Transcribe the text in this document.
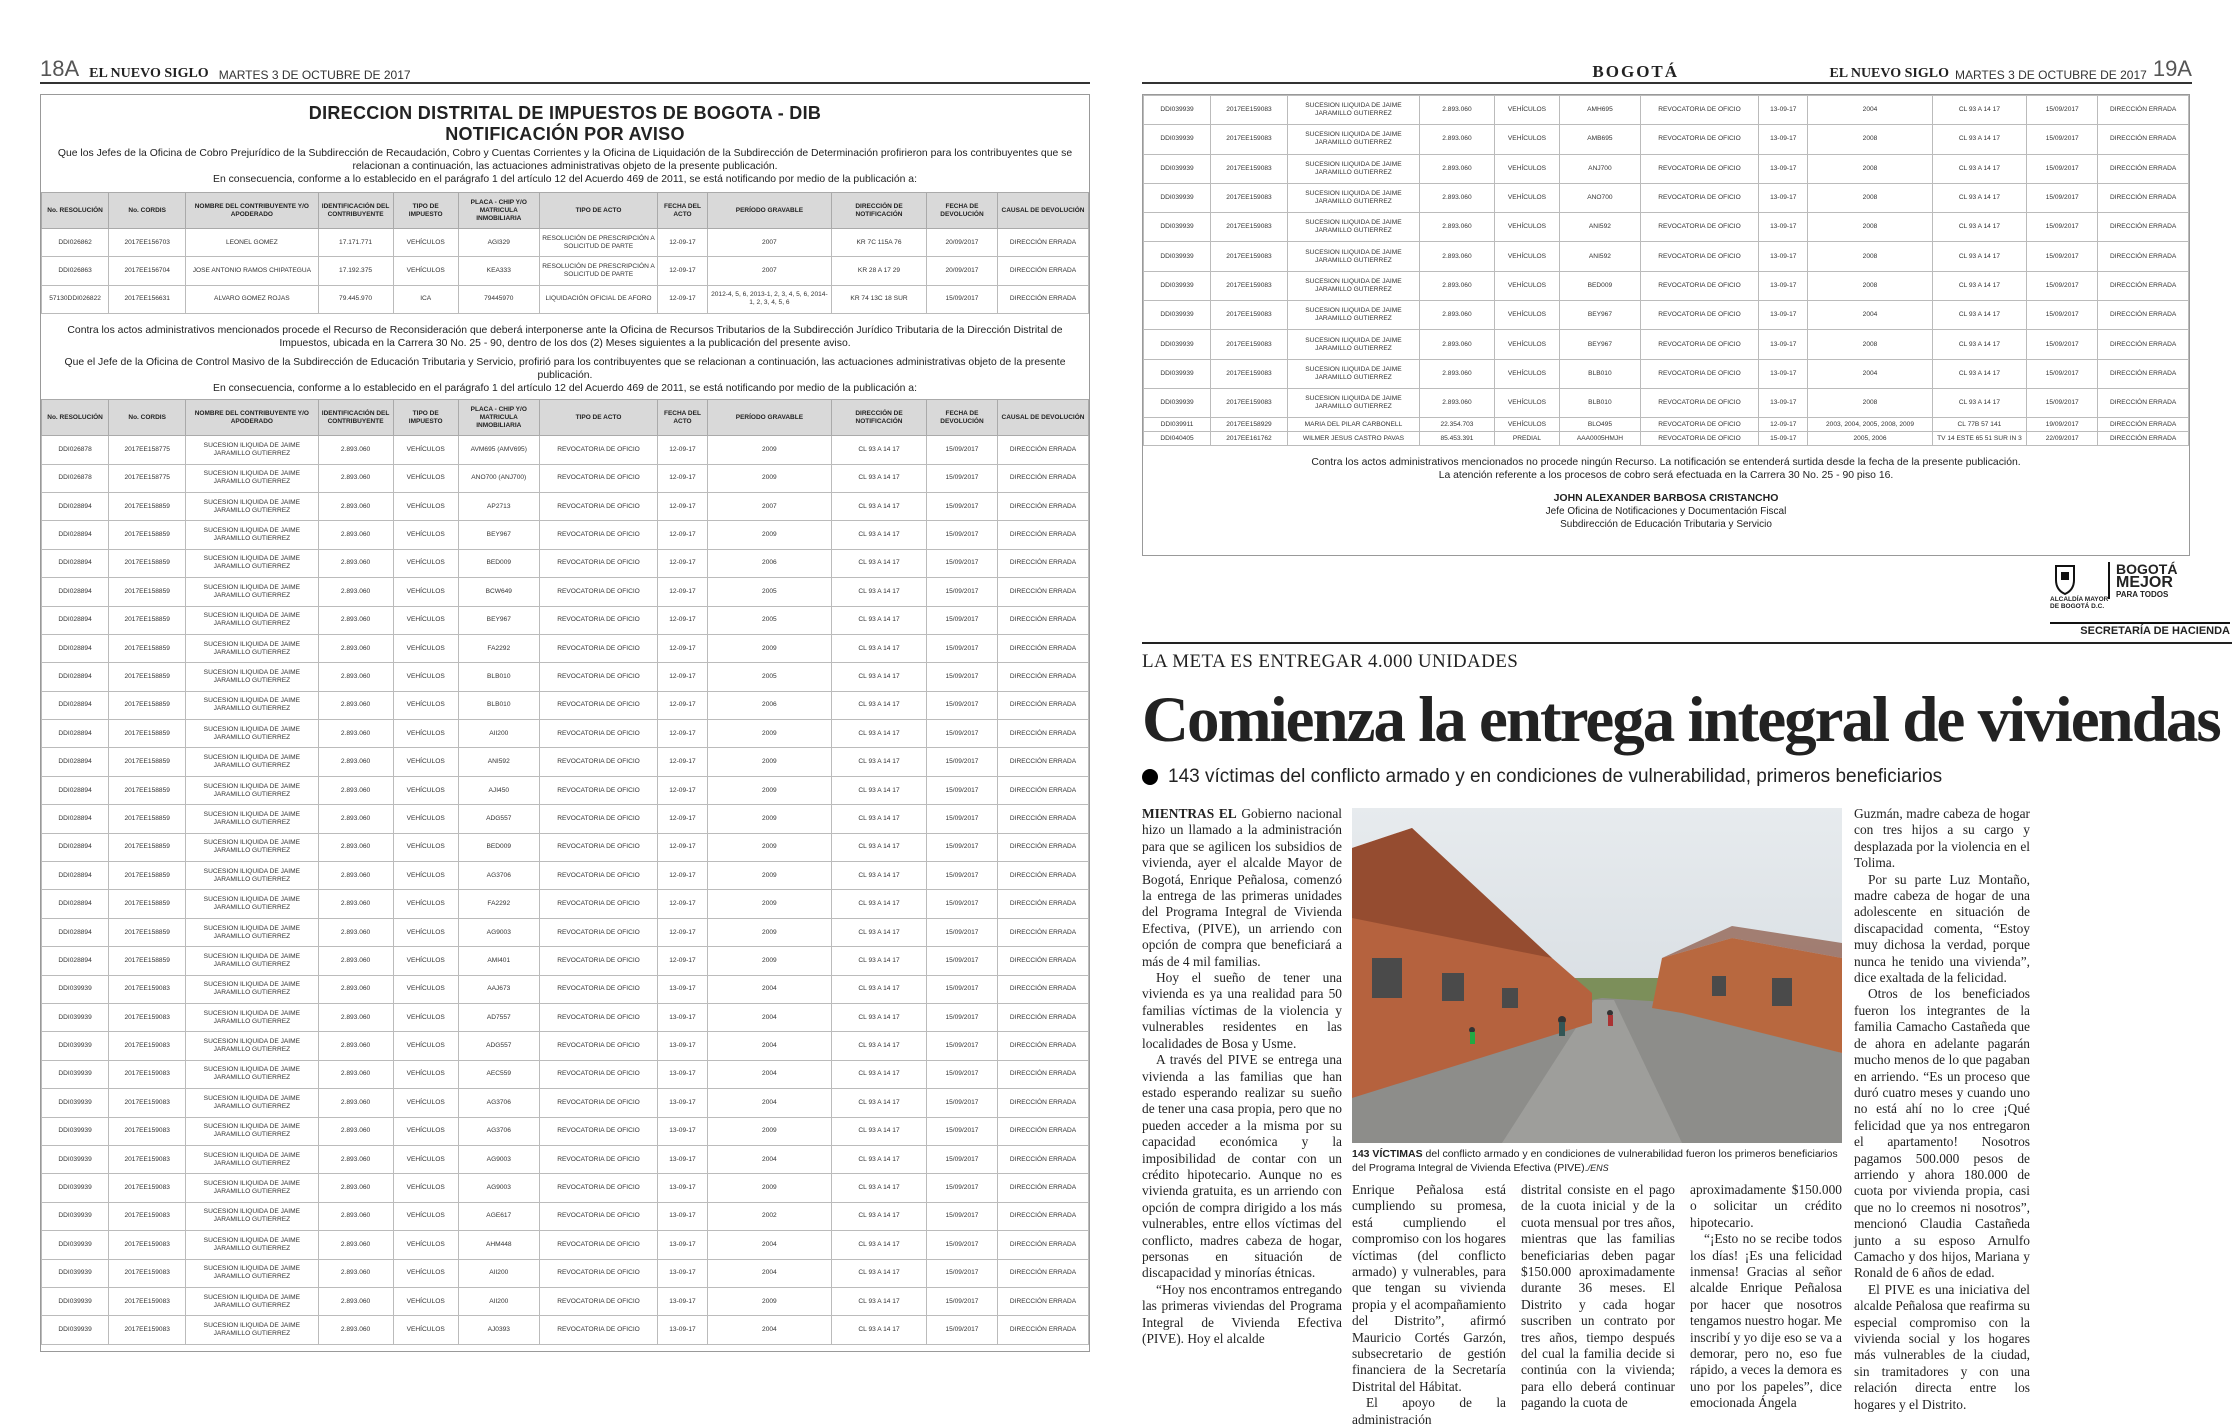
18A EL NUEVO SIGLO MARTES 3 DE OCTUBRE DE 2017	BOGOTÁ	EL NUEVO SIGLO MARTES 3 DE OCTUBRE DE 2017 19A
DIRECCION DISTRITAL DE IMPUESTOS DE BOGOTA - DIB
NOTIFICACIÓN POR AVISO
Que los Jefes de la Oficina de Cobro Prejurídico de la Subdirección de Recaudación, Cobro y Cuentas Corrientes y la Oficina de Liquidación de la Subdirección de Determinación profirieron para los contribuyentes que se relacionan a continuación, las actuaciones administrativas objeto de la presente publicación.
En consecuencia, conforme a lo establecido en el parágrafo 1 del artículo 12 del Acuerdo 469 de 2011, se está notificando por medio de la publicación a:
No. RESOLUCIÓN	No. CORDIS	NOMBRE DEL CONTRIBUYENTE Y/O APODERADO	IDENTIFICACIÓN DEL CONTRIBUYENTE	TIPO DE IMPUESTO	PLACA - CHIP Y/O MATRICULA INMOBILIARIA	TIPO DE ACTO	FECHA DEL ACTO	PERÍODO GRAVABLE	DIRECCIÓN DE NOTIFICACIÓN	FECHA DE DEVOLUCIÓN	CAUSAL DE DEVOLUCIÓN
DDI026862	2017EE156703	LEONEL GOMEZ	17.171.771	VEHÍCULOS	AGI329	RESOLUCIÓN DE PRESCRIPCIÓN A SOLICITUD DE PARTE	12-09-17	2007	KR 7C 115A 76	20/09/2017	DIRECCIÓN ERRADA
DDI026863	2017EE156704	JOSE ANTONIO RAMOS CHIPATEGUA	17.192.375	VEHÍCULOS	KEA333	RESOLUCIÓN DE PRESCRIPCIÓN A SOLICITUD DE PARTE	12-09-17	2007	KR 28 A 17 29	20/09/2017	DIRECCIÓN ERRADA
57130DDI026822	2017EE156631	ALVARO GOMEZ ROJAS	79.445.970	ICA	79445970	LIQUIDACIÓN OFICIAL DE AFORO	12-09-17	2012-4, 5, 6, 2013-1, 2, 3, 4, 5, 6, 2014-1, 2, 3, 4, 5, 6	KR 74 13C 18 SUR	15/09/2017	DIRECCIÓN ERRADA
Contra los actos administrativos mencionados procede el Recurso de Reconsideración que deberá interponerse ante la Oficina de Recursos Tributarios de la Subdirección Jurídico Tributaria de la Dirección Distrital de Impuestos, ubicada en la Carrera 30 No. 25 - 90, dentro de los dos (2) Meses siguientes a la publicación del presente aviso.
Que el Jefe de la Oficina de Control Masivo de la Subdirección de Educación Tributaria y Servicio, profirió para los contribuyentes que se relacionan a continuación, las actuaciones administrativas objeto de la presente publicación.
En consecuencia, conforme a lo establecido en el parágrafo 1 del artículo 12 del Acuerdo 469 de 2011, se está notificando por medio de la publicación a:
No. RESOLUCIÓN	No. CORDIS	NOMBRE DEL CONTRIBUYENTE Y/O APODERADO	IDENTIFICACIÓN DEL CONTRIBUYENTE	TIPO DE IMPUESTO	PLACA - CHIP Y/O MATRICULA INMOBILIARIA	TIPO DE ACTO	FECHA DEL ACTO	PERÍODO GRAVABLE	DIRECCIÓN DE NOTIFICACIÓN	FECHA DE DEVOLUCIÓN	CAUSAL DE DEVOLUCIÓN
DDI026878	2017EE158775	SUCESION ILIQUIDA DE JAIME JARAMILLO GUTIERREZ	2.893.060	VEHÍCULOS	AVM695 (AMV695)	REVOCATORIA DE OFICIO	12-09-17	2009	CL 93 A 14 17	15/09/2017	DIRECCIÓN ERRADA
DDI026878	2017EE158775	SUCESION ILIQUIDA DE JAIME JARAMILLO GUTIERREZ	2.893.060	VEHÍCULOS	ANO700 (ANJ700)	REVOCATORIA DE OFICIO	12-09-17	2009	CL 93 A 14 17	15/09/2017	DIRECCIÓN ERRADA
DDI028894	2017EE158859	SUCESION ILIQUIDA DE JAIME JARAMILLO GUTIERREZ	2.893.060	VEHÍCULOS	AP2713	REVOCATORIA DE OFICIO	12-09-17	2007	CL 93 A 14 17	15/09/2017	DIRECCIÓN ERRADA
DDI028894	2017EE158859	SUCESION ILIQUIDA DE JAIME JARAMILLO GUTIERREZ	2.893.060	VEHÍCULOS	BEY967	REVOCATORIA DE OFICIO	12-09-17	2009	CL 93 A 14 17	15/09/2017	DIRECCIÓN ERRADA
DDI028894	2017EE158859	SUCESION ILIQUIDA DE JAIME JARAMILLO GUTIERREZ	2.893.060	VEHÍCULOS	BED009	REVOCATORIA DE OFICIO	12-09-17	2006	CL 93 A 14 17	15/09/2017	DIRECCIÓN ERRADA
DDI028894	2017EE158859	SUCESION ILIQUIDA DE JAIME JARAMILLO GUTIERREZ	2.893.060	VEHÍCULOS	BCW649	REVOCATORIA DE OFICIO	12-09-17	2005	CL 93 A 14 17	15/09/2017	DIRECCIÓN ERRADA
DDI028894	2017EE158859	SUCESION ILIQUIDA DE JAIME JARAMILLO GUTIERREZ	2.893.060	VEHÍCULOS	BEY967	REVOCATORIA DE OFICIO	12-09-17	2005	CL 93 A 14 17	15/09/2017	DIRECCIÓN ERRADA
DDI028894	2017EE158859	SUCESION ILIQUIDA DE JAIME JARAMILLO GUTIERREZ	2.893.060	VEHÍCULOS	FA2292	REVOCATORIA DE OFICIO	12-09-17	2009	CL 93 A 14 17	15/09/2017	DIRECCIÓN ERRADA
DDI028894	2017EE158859	SUCESION ILIQUIDA DE JAIME JARAMILLO GUTIERREZ	2.893.060	VEHÍCULOS	BLB010	REVOCATORIA DE OFICIO	12-09-17	2005	CL 93 A 14 17	15/09/2017	DIRECCIÓN ERRADA
DDI028894	2017EE158859	SUCESION ILIQUIDA DE JAIME JARAMILLO GUTIERREZ	2.893.060	VEHÍCULOS	BLB010	REVOCATORIA DE OFICIO	12-09-17	2006	CL 93 A 14 17	15/09/2017	DIRECCIÓN ERRADA
DDI028894	2017EE158859	SUCESION ILIQUIDA DE JAIME JARAMILLO GUTIERREZ	2.893.060	VEHÍCULOS	AII200	REVOCATORIA DE OFICIO	12-09-17	2009	CL 93 A 14 17	15/09/2017	DIRECCIÓN ERRADA
DDI028894	2017EE158859	SUCESION ILIQUIDA DE JAIME JARAMILLO GUTIERREZ	2.893.060	VEHÍCULOS	ANI592	REVOCATORIA DE OFICIO	12-09-17	2009	CL 93 A 14 17	15/09/2017	DIRECCIÓN ERRADA
DDI028894	2017EE158859	SUCESION ILIQUIDA DE JAIME JARAMILLO GUTIERREZ	2.893.060	VEHÍCULOS	AJI450	REVOCATORIA DE OFICIO	12-09-17	2009	CL 93 A 14 17	15/09/2017	DIRECCIÓN ERRADA
DDI028894	2017EE158859	SUCESION ILIQUIDA DE JAIME JARAMILLO GUTIERREZ	2.893.060	VEHÍCULOS	ADG557	REVOCATORIA DE OFICIO	12-09-17	2009	CL 93 A 14 17	15/09/2017	DIRECCIÓN ERRADA
DDI028894	2017EE158859	SUCESION ILIQUIDA DE JAIME JARAMILLO GUTIERREZ	2.893.060	VEHÍCULOS	BED009	REVOCATORIA DE OFICIO	12-09-17	2009	CL 93 A 14 17	15/09/2017	DIRECCIÓN ERRADA
DDI028894	2017EE158859	SUCESION ILIQUIDA DE JAIME JARAMILLO GUTIERREZ	2.893.060	VEHÍCULOS	AG3706	REVOCATORIA DE OFICIO	12-09-17	2009	CL 93 A 14 17	15/09/2017	DIRECCIÓN ERRADA
DDI028894	2017EE158859	SUCESION ILIQUIDA DE JAIME JARAMILLO GUTIERREZ	2.893.060	VEHÍCULOS	FA2292	REVOCATORIA DE OFICIO	12-09-17	2009	CL 93 A 14 17	15/09/2017	DIRECCIÓN ERRADA
DDI028894	2017EE158859	SUCESION ILIQUIDA DE JAIME JARAMILLO GUTIERREZ	2.893.060	VEHÍCULOS	AG9003	REVOCATORIA DE OFICIO	12-09-17	2009	CL 93 A 14 17	15/09/2017	DIRECCIÓN ERRADA
DDI028894	2017EE158859	SUCESION ILIQUIDA DE JAIME JARAMILLO GUTIERREZ	2.893.060	VEHÍCULOS	AMI401	REVOCATORIA DE OFICIO	12-09-17	2009	CL 93 A 14 17	15/09/2017	DIRECCIÓN ERRADA
DDI039939	2017EE159083	SUCESION ILIQUIDA DE JAIME JARAMILLO GUTIERREZ	2.893.060	VEHÍCULOS	AAJ673	REVOCATORIA DE OFICIO	13-09-17	2004	CL 93 A 14 17	15/09/2017	DIRECCIÓN ERRADA
DDI039939	2017EE159083	SUCESION ILIQUIDA DE JAIME JARAMILLO GUTIERREZ	2.893.060	VEHÍCULOS	AD7557	REVOCATORIA DE OFICIO	13-09-17	2004	CL 93 A 14 17	15/09/2017	DIRECCIÓN ERRADA
DDI039939	2017EE159083	SUCESION ILIQUIDA DE JAIME JARAMILLO GUTIERREZ	2.893.060	VEHÍCULOS	ADG557	REVOCATORIA DE OFICIO	13-09-17	2004	CL 93 A 14 17	15/09/2017	DIRECCIÓN ERRADA
DDI039939	2017EE159083	SUCESION ILIQUIDA DE JAIME JARAMILLO GUTIERREZ	2.893.060	VEHÍCULOS	AEC559	REVOCATORIA DE OFICIO	13-09-17	2004	CL 93 A 14 17	15/09/2017	DIRECCIÓN ERRADA
DDI039939	2017EE159083	SUCESION ILIQUIDA DE JAIME JARAMILLO GUTIERREZ	2.893.060	VEHÍCULOS	AG3706	REVOCATORIA DE OFICIO	13-09-17	2004	CL 93 A 14 17	15/09/2017	DIRECCIÓN ERRADA
DDI039939	2017EE159083	SUCESION ILIQUIDA DE JAIME JARAMILLO GUTIERREZ	2.893.060	VEHÍCULOS	AG3706	REVOCATORIA DE OFICIO	13-09-17	2009	CL 93 A 14 17	15/09/2017	DIRECCIÓN ERRADA
DDI039939	2017EE159083	SUCESION ILIQUIDA DE JAIME JARAMILLO GUTIERREZ	2.893.060	VEHÍCULOS	AG9003	REVOCATORIA DE OFICIO	13-09-17	2004	CL 93 A 14 17	15/09/2017	DIRECCIÓN ERRADA
DDI039939	2017EE159083	SUCESION ILIQUIDA DE JAIME JARAMILLO GUTIERREZ	2.893.060	VEHÍCULOS	AG9003	REVOCATORIA DE OFICIO	13-09-17	2009	CL 93 A 14 17	15/09/2017	DIRECCIÓN ERRADA
DDI039939	2017EE159083	SUCESION ILIQUIDA DE JAIME JARAMILLO GUTIERREZ	2.893.060	VEHÍCULOS	AGE617	REVOCATORIA DE OFICIO	13-09-17	2002	CL 93 A 14 17	15/09/2017	DIRECCIÓN ERRADA
DDI039939	2017EE159083	SUCESION ILIQUIDA DE JAIME JARAMILLO GUTIERREZ	2.893.060	VEHÍCULOS	AHM448	REVOCATORIA DE OFICIO	13-09-17	2004	CL 93 A 14 17	15/09/2017	DIRECCIÓN ERRADA
DDI039939	2017EE159083	SUCESION ILIQUIDA DE JAIME JARAMILLO GUTIERREZ	2.893.060	VEHÍCULOS	AII200	REVOCATORIA DE OFICIO	13-09-17	2004	CL 93 A 14 17	15/09/2017	DIRECCIÓN ERRADA
DDI039939	2017EE159083	SUCESION ILIQUIDA DE JAIME JARAMILLO GUTIERREZ	2.893.060	VEHÍCULOS	AII200	REVOCATORIA DE OFICIO	13-09-17	2009	CL 93 A 14 17	15/09/2017	DIRECCIÓN ERRADA
DDI039939	2017EE159083	SUCESION ILIQUIDA DE JAIME JARAMILLO GUTIERREZ	2.893.060	VEHÍCULOS	AJ0393	REVOCATORIA DE OFICIO	13-09-17	2004	CL 93 A 14 17	15/09/2017	DIRECCIÓN ERRADA
DDI039939	2017EE159083	SUCESION ILIQUIDA DE JAIME JARAMILLO GUTIERREZ	2.893.060	VEHÍCULOS	AMH695	REVOCATORIA DE OFICIO	13-09-17	2004	CL 93 A 14 17	15/09/2017	DIRECCIÓN ERRADA
DDI039939	2017EE159083	SUCESION ILIQUIDA DE JAIME JARAMILLO GUTIERREZ	2.893.060	VEHÍCULOS	AMB695	REVOCATORIA DE OFICIO	13-09-17	2008	CL 93 A 14 17	15/09/2017	DIRECCIÓN ERRADA
DDI039939	2017EE159083	SUCESION ILIQUIDA DE JAIME JARAMILLO GUTIERREZ	2.893.060	VEHÍCULOS	ANJ700	REVOCATORIA DE OFICIO	13-09-17	2008	CL 93 A 14 17	15/09/2017	DIRECCIÓN ERRADA
DDI039939	2017EE159083	SUCESION ILIQUIDA DE JAIME JARAMILLO GUTIERREZ	2.893.060	VEHÍCULOS	ANO700	REVOCATORIA DE OFICIO	13-09-17	2008	CL 93 A 14 17	15/09/2017	DIRECCIÓN ERRADA
DDI039939	2017EE159083	SUCESION ILIQUIDA DE JAIME JARAMILLO GUTIERREZ	2.893.060	VEHÍCULOS	ANI592	REVOCATORIA DE OFICIO	13-09-17	2008	CL 93 A 14 17	15/09/2017	DIRECCIÓN ERRADA
DDI039939	2017EE159083	SUCESION ILIQUIDA DE JAIME JARAMILLO GUTIERREZ	2.893.060	VEHÍCULOS	ANI592	REVOCATORIA DE OFICIO	13-09-17	2008	CL 93 A 14 17	15/09/2017	DIRECCIÓN ERRADA
DDI039939	2017EE159083	SUCESION ILIQUIDA DE JAIME JARAMILLO GUTIERREZ	2.893.060	VEHÍCULOS	BED009	REVOCATORIA DE OFICIO	13-09-17	2008	CL 93 A 14 17	15/09/2017	DIRECCIÓN ERRADA
DDI039939	2017EE159083	SUCESION ILIQUIDA DE JAIME JARAMILLO GUTIERREZ	2.893.060	VEHÍCULOS	BEY967	REVOCATORIA DE OFICIO	13-09-17	2004	CL 93 A 14 17	15/09/2017	DIRECCIÓN ERRADA
DDI039939	2017EE159083	SUCESION ILIQUIDA DE JAIME JARAMILLO GUTIERREZ	2.893.060	VEHÍCULOS	BEY967	REVOCATORIA DE OFICIO	13-09-17	2008	CL 93 A 14 17	15/09/2017	DIRECCIÓN ERRADA
DDI039939	2017EE159083	SUCESION ILIQUIDA DE JAIME JARAMILLO GUTIERREZ	2.893.060	VEHÍCULOS	BLB010	REVOCATORIA DE OFICIO	13-09-17	2004	CL 93 A 14 17	15/09/2017	DIRECCIÓN ERRADA
DDI039939	2017EE159083	SUCESION ILIQUIDA DE JAIME JARAMILLO GUTIERREZ	2.893.060	VEHÍCULOS	BLB010	REVOCATORIA DE OFICIO	13-09-17	2008	CL 93 A 14 17	15/09/2017	DIRECCIÓN ERRADA
DDI039911	2017EE158929	MARIA DEL PILAR CARBONELL	22.354.703	VEHÍCULOS	BLO495	REVOCATORIA DE OFICIO	12-09-17	2003, 2004, 2005, 2008, 2009	CL 77B 57 141	19/09/2017	DIRECCIÓN ERRADA
DDI040405	2017EE161762	WILMER JESUS CASTRO PAVAS	85.453.391	PREDIAL	AAA0005HMJH	REVOCATORIA DE OFICIO	15-09-17	2005, 2006	TV 14 ESTE 65 51 SUR IN 3	22/09/2017	DIRECCIÓN ERRADA
Contra los actos administrativos mencionados no procede ningún Recurso. La notificación se entenderá surtida desde la fecha de la presente publicación.
La atención referente a los procesos de cobro será efectuada en la Carrera 30 No. 25 - 90 piso 16.
JOHN ALEXANDER BARBOSA CRISTANCHO
Jefe Oficina de Notificaciones y Documentación Fiscal
Subdirección de Educación Tributaria y Servicio
ALCALDÍA MAYOR
DE BOGOTÁ D.C.
BOGOTÁ
MEJOR
PARA TODOS
SECRETARÍA DE HACIENDA
LA META ES ENTREGAR 4.000 UNIDADES
Comienza la entrega integral de viviendas
143 víctimas del conflicto armado y en condiciones de vulnerabilidad, primeros beneficiarios

MIENTRAS EL Gobierno nacional hizo un llamado a la administración para que se agilicen los subsidios de vivienda, ayer el alcalde Mayor de Bogotá, Enrique Peñalosa, comenzó la entrega de las primeras unidades del Programa Integral de Vivienda Efectiva, (PIVE), un arriendo con opción de compra que beneficiará a más de 4 mil familias.

Hoy el sueño de tener una vivienda es ya una realidad para 50 familias víctimas de la violencia y vulnerables residentes en las localidades de Bosa y Usme.

A través del PIVE se entrega una vivienda a las familias que han estado esperando realizar su sueño de tener una casa propia, pero que no pueden acceder a la misma por su capacidad económica y la imposibilidad de contar con un crédito hipotecario. Aunque no es vivienda gratuita, es un arriendo con opción de compra dirigido a los más vulnerables, entre ellos víctimas del conflicto, madres cabeza de hogar, personas en situación de discapacidad y minorías étnicas.

“Hoy nos encontramos entregando las primeras viviendas del Programa Integral de Vivienda Efectiva (PIVE). Hoy el alcalde

143 VÍCTIMAS del conflicto armado y en condiciones de vulnerabilidad fueron los primeros beneficiarios del Programa Integral de Vivienda Efectiva (PIVE)./ENS

Enrique Peñalosa está cumpliendo su promesa, está cumpliendo el compromiso con los hogares víctimas (del conflicto armado) y vulnerables, para que tengan su vivienda propia y el acompañamiento del Distrito”, afirmó Mauricio Cortés Garzón, subsecretario de gestión financiera de la Secretaría Distrital del Hábitat.

El apoyo de la administración

distrital consiste en el pago de la cuota inicial y de la cuota mensual por tres años, mientras que las familias beneficiarias deben pagar $150.000 aproximadamente durante 36 meses. El Distrito y cada hogar suscriben un contrato por tres años, tiempo después del cual la familia decide si continúa con la vivienda; para ello deberá continuar pagando la cuota de

aproximadamente $150.000 o solicitar un crédito hipotecario.

“¡Esto no se recibe todos los días! ¡Es una felicidad inmensa! Gracias al señor alcalde Enrique Peñalosa por hacer que nosotros tengamos nuestro hogar. Me inscribí y yo dije eso se va a demorar, pero no, eso fue rápido, a veces la demora es uno por los papeles”, dice emocionada Ángela

Guzmán, madre cabeza de hogar con tres hijos a su cargo y desplazada por la violencia en el Tolima.

Por su parte Luz Montaño, madre cabeza de hogar de una adolescente en situación de discapacidad comenta, “Estoy muy dichosa la verdad, porque nunca he tenido una vivienda”, dice exaltada de la felicidad.

Otros de los beneficiados fueron los integrantes de la familia Camacho Castañeda que de ahora en adelante pagarán mucho menos de lo que pagaban en arriendo. “Es un proceso que duró cuatro meses y cuando uno no está ahí no lo cree ¡Qué felicidad que ya nos entregaron el apartamento! Nosotros pagamos 500.000 pesos de arriendo y ahora 180.000 de cuota por vivienda propia, casi que no lo creemos ni nosotros”, mencionó Claudia Castañeda junto a su esposo Arnulfo Camacho y dos hijos, Mariana y Ronald de 6 años de edad.

El PIVE es una iniciativa del alcalde Peñalosa que reafirma su especial compromiso con la vivienda social y los hogares más vulnerables de la ciudad, sin tramitadores y con una relación directa entre los hogares y el Distrito.
